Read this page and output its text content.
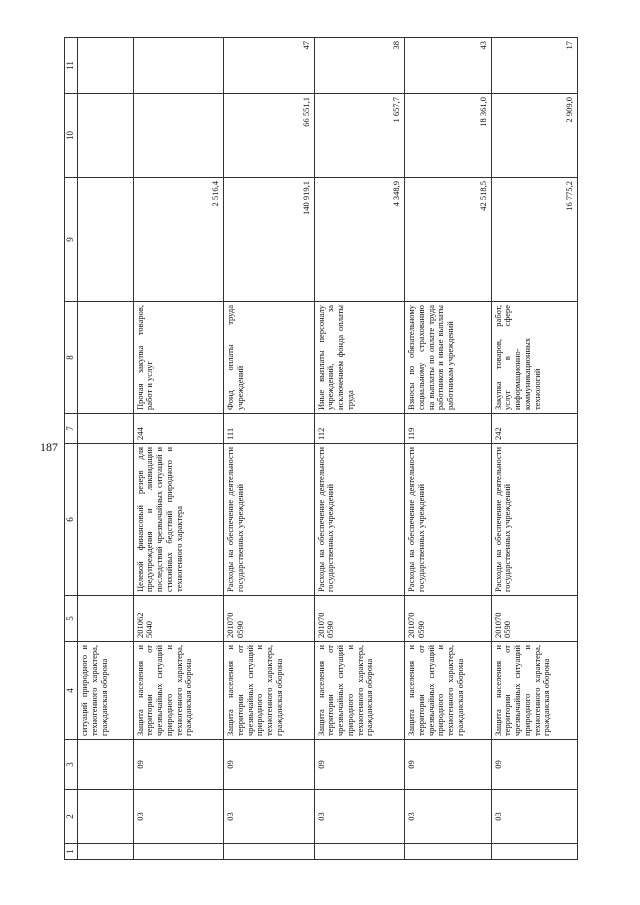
187
1	2	3	4	5	6	7	8	9	10	11
			ситуаций природного и техногенного характера, гражданская оборона							
	03	09	Защита населения и территории от чрезвычайных ситуаций природного и техногенного характера, гражданская оборона	201062 5040	Целевой финансовый резерв для предупреждения и ликвидации последствий чрезвычайных ситуаций и стихийных бедствий природного и техногенного характера	244	Прочая закупка товаров, работ и услуг	2 516,4		
	03	09	Защита населения и территории от чрезвычайных ситуаций природного и техногенного характера, гражданская оборона	201070 0590	Расходы на обеспечение деятельности государственных учреждений	111	Фонд оплаты труда учреждений	140 919,1	66 551,1	47
	03	09	Защита населения и территории от чрезвычайных ситуаций природного и техногенного характера, гражданская оборона	201070 0590	Расходы на обеспечение деятельности государственных учреждений	112	Иные выплаты персоналу учреждений, за исключением фонда оплаты труда	4 348,9	1 657,7	38
	03	09	Защита населения и территории от чрезвычайных ситуаций природного и техногенного характера, гражданская оборона	201070 0590	Расходы на обеспечение деятельности государственных учреждений	119	Взносы по обязательному социальному страхованию на выплаты по оплате труда работников и иные выплаты работникам учреждений	42 518,5	18 361,0	43
	03	09	Защита населения и территории от чрезвычайных ситуаций природного и техногенного характера, гражданская оборона	201070 0590	Расходы на обеспечение деятельности государственных учреждений	242	Закупка товаров, работ, услуг в сфере информационно-коммуникационных технологий	16 775,2	2 909,0	17
